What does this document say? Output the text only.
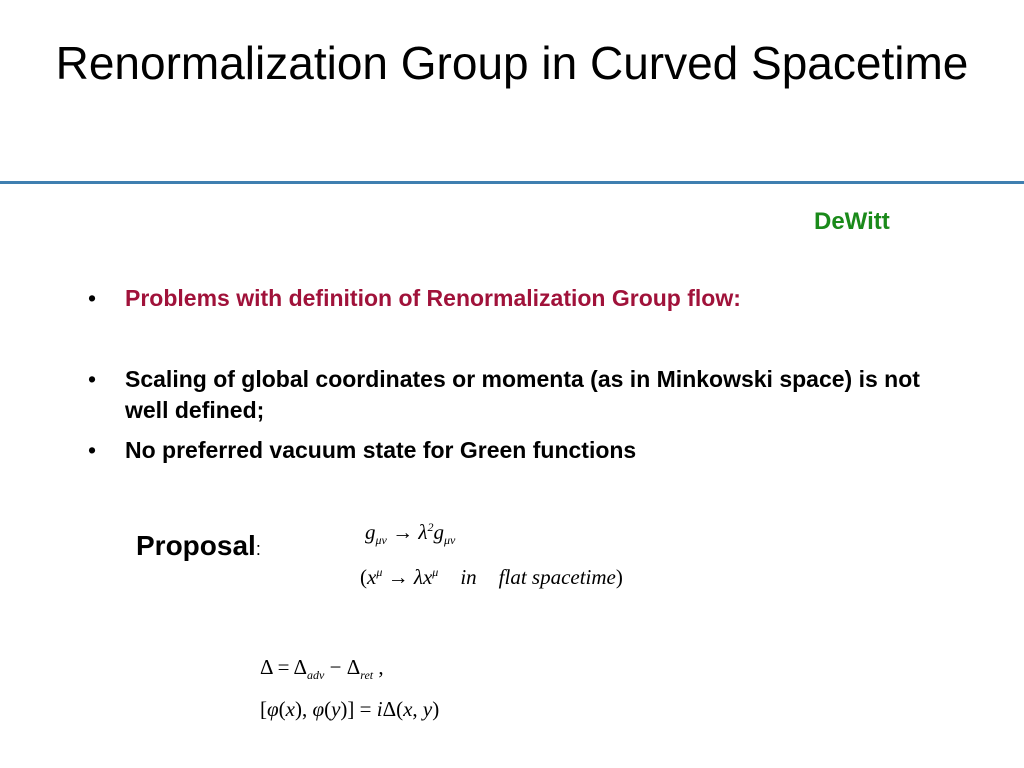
Renormalization Group in Curved Spacetime
DeWitt
• Problems with definition of Renormalization Group flow:
• Scaling of global coordinates or momenta (as in Minkowski space) is not well defined;
• No preferred vacuum state for Green functions
Proposal:
$g_{\mu\nu} \to \lambda^2g_{\mu\nu}$
($x^\mu \to \lambda x^\mu$ in flat spacetime)
$\Delta = \Delta_{adv} - \Delta_{ret}$ ,
[φ(x), φ(y)] = iΔ(x, y)
